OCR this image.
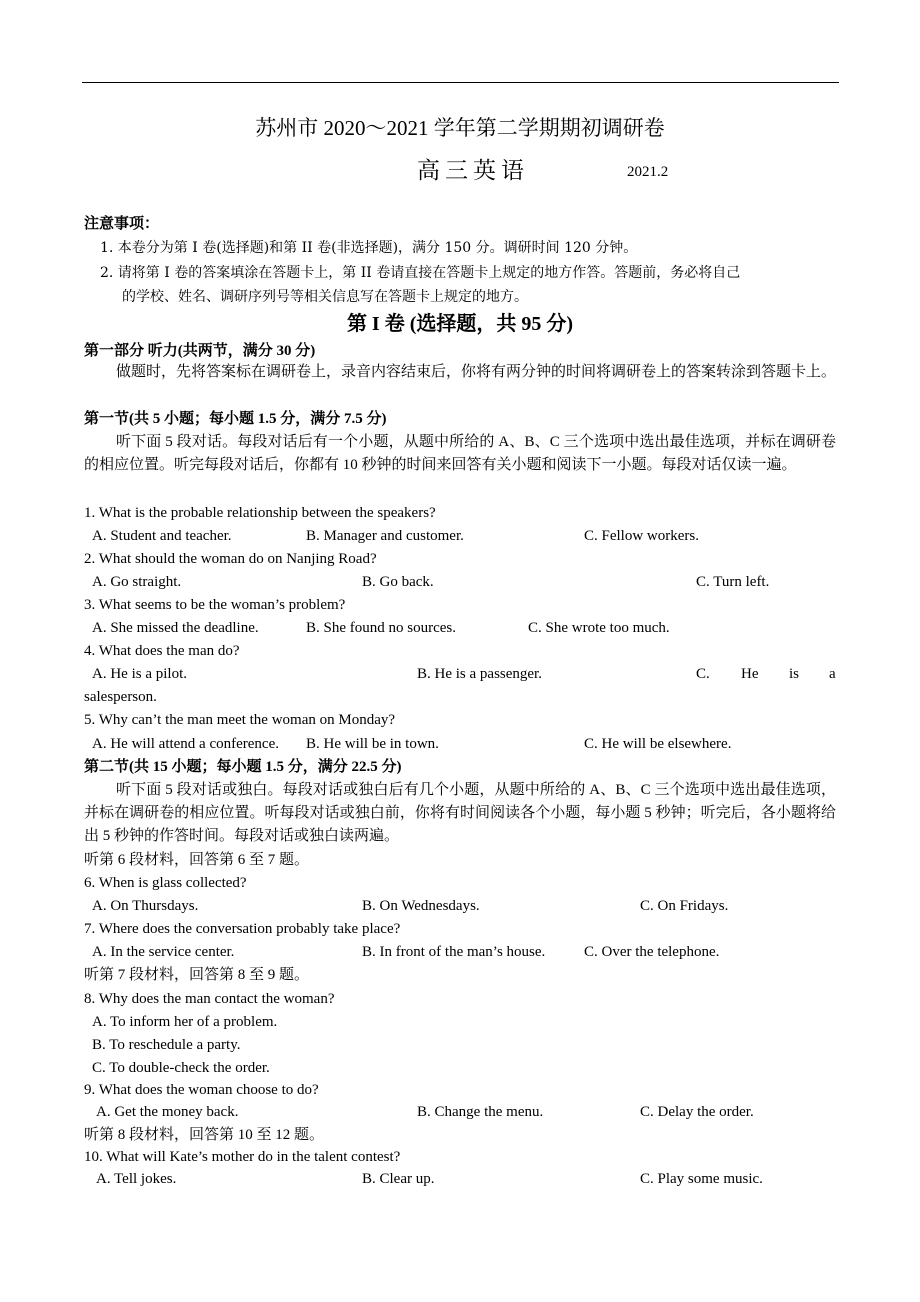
苏州市 2020～2021 学年第二学期期初调研卷
高三英语	2021.2
注意事项：
1. 本卷分为第 I 卷(选择题)和第 II 卷(非选择题)，满分 150 分。调研时间 120 分钟。
2. 请将第 I 卷的答案填涂在答题卡上，第 II 卷请直接在答题卡上规定的地方作答。答题前，务必将自己
的学校、姓名、调研序列号等相关信息写在答题卡上规定的地方。
第 I 卷 (选择题，共 95 分)
第一部分 听力(共两节，满分 30 分)
做题时，先将答案标在调研卷上，录音内容结束后，你将有两分钟的时间将调研卷上的答案转涂到答题卡上。
第一节(共 5 小题；每小题 1.5 分，满分 7.5 分)
听下面 5 段对话。每段对话后有一个小题，从题中所给的 A、B、C 三个选项中选出最佳选项，并标在调研卷的相应位置。听完每段对话后，你都有 10 秒钟的时间来回答有关小题和阅读下一小题。每段对话仅读一遍。
1. What is the probable relationship between the speakers?
A. Student and teacher.	B. Manager and customer.	C. Fellow workers.
2. What should the woman do on Nanjing Road?
A. Go straight.	B. Go back.	C. Turn left.
3. What seems to be the woman’s problem?
A. She missed the deadline.	B. She found no sources.	C. She wrote too much.
4. What does the man do?
A. He is a pilot.	B. He is a passenger.	C. He is a
salesperson.
5. Why can’t the man meet the woman on Monday?
A. He will attend a conference. B. He will be in town.	C. He will be elsewhere.
第二节(共 15 小题；每小题 1.5 分，满分 22.5 分)
听下面 5 段对话或独白。每段对话或独白后有几个小题，从题中所给的 A、B、C 三个选项中选出最佳选项，并标在调研卷的相应位置。听每段对话或独白前，你将有时间阅读各个小题，每小题 5 秒钟；听完后，各小题将给出 5 秒钟的作答时间。每段对话或独白读两遍。
听第 6 段材料，回答第 6 至 7 题。
6. When is glass collected?
A. On Thursdays.	B. On Wednesdays.	C. On Fridays.
7. Where does the conversation probably take place?
A. In the service center.	B. In front of the man’s house.	C. Over the telephone.
听第 7 段材料，回答第 8 至 9 题。
8. Why does the man contact the woman?
A. To inform her of a problem.
B. To reschedule a party.
C. To double-check the order.
9. What does the woman choose to do?
A. Get the money back.	B. Change the menu.	C. Delay the order.
听第 8 段材料，回答第 10 至 12 题。
10. What will Kate’s mother do in the talent contest?
A. Tell jokes.	B. Clear up.	C. Play some music.
